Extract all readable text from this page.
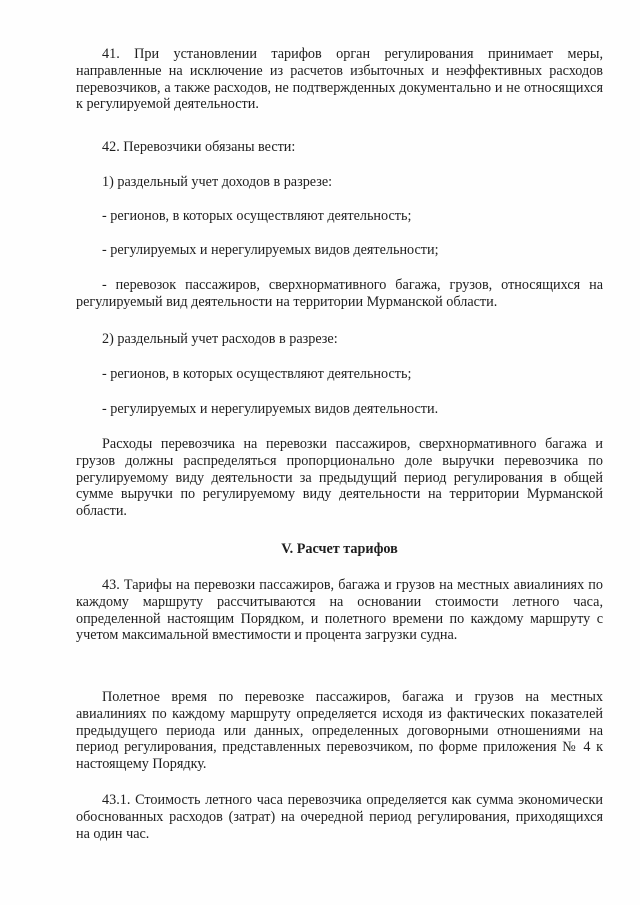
41. При установлении тарифов орган регулирования принимает меры, направленные на исключение из расчетов избыточных и неэффективных расходов перевозчиков, а также расходов, не подтвержденных документально и не относящихся к регулируемой деятельности.

42. Перевозчики обязаны вести:

1) раздельный учет доходов в разрезе:

- регионов, в которых осуществляют деятельность;

- регулируемых и нерегулируемых видов деятельности;

- перевозок пассажиров, сверхнормативного багажа, грузов, относящихся на регулируемый вид деятельности на территории Мурманской области.

2) раздельный учет расходов в разрезе:

- регионов, в которых осуществляют деятельность;

- регулируемых и нерегулируемых видов деятельности.

Расходы перевозчика на перевозки пассажиров, сверхнормативного багажа и грузов должны распределяться пропорционально доле выручки перевозчика по регулируемому виду деятельности за предыдущий период регулирования в общей сумме выручки по регулируемому виду деятельности на территории Мурманской области.

V. Расчет тарифов

43. Тарифы на перевозки пассажиров, багажа и грузов на местных авиалиниях по каждому маршруту рассчитываются на основании стоимости летного часа, определенной настоящим Порядком, и полетного времени по каждому маршруту с учетом максимальной вместимости и процента загрузки судна.

Полетное время по перевозке пассажиров, багажа и грузов на местных авиалиниях по каждому маршруту определяется исходя из фактических показателей предыдущего периода или данных, определенных договорными отношениями на период регулирования, представленных перевозчиком, по форме приложения № 4 к настоящему Порядку.

43.1. Стоимость летного часа перевозчика определяется как сумма экономически обоснованных расходов (затрат) на очередной период регулирования, приходящихся на один час.
